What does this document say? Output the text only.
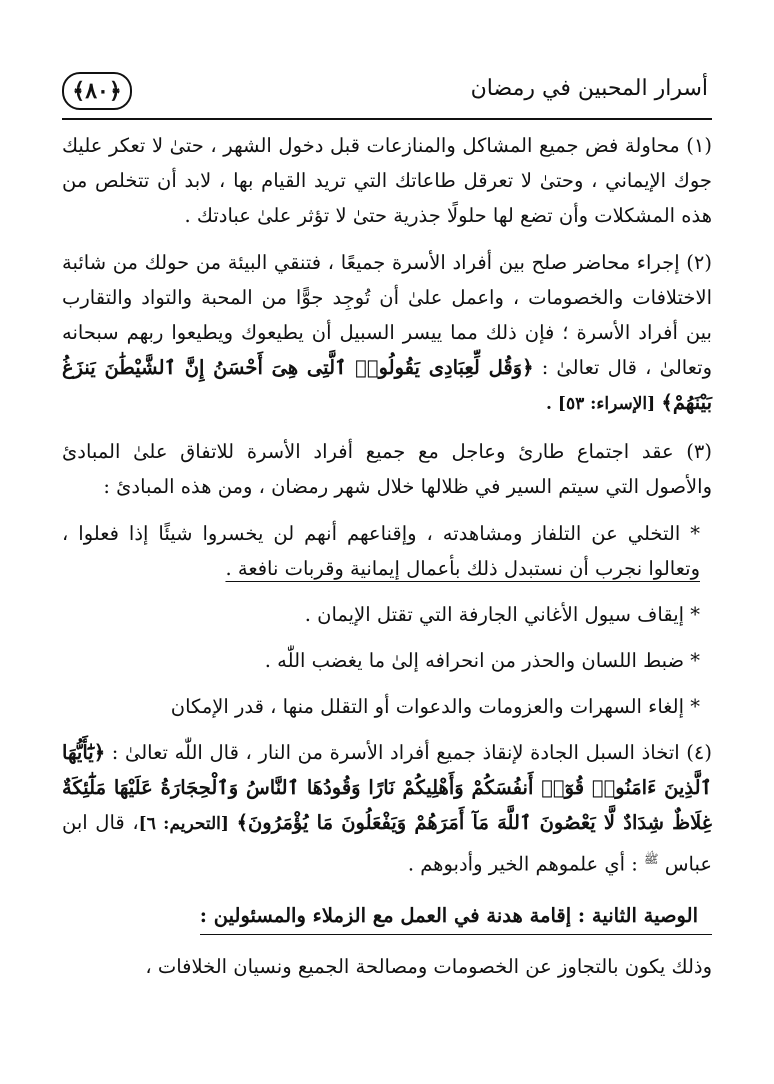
﴿٨٠﴾	أسرار المحبين في رمضان

(١) محاولة فض جميع المشاكل والمنازعات قبل دخول الشهر ، حتىٰ لا تعكر عليك جوك الإيماني ، وحتىٰ لا تعرقل طاعاتك التي تريد القيام بها ، لابد أن تتخلص من هذه المشكلات وأن تضع لها حلولًا جذرية حتىٰ لا تؤثر علىٰ عبادتك .

(٢) إجراء محاضر صلح بين أفراد الأسرة جميعًا ، فتنقي البيئة من حولك من شائبة الاختلافات والخصومات ، واعمل علىٰ أن تُوجِد جوًّا من المحبة والتواد والتقارب بين أفراد الأسرة ؛ فإن ذلك مما ييسر السبيل أن يطيعوك ويطيعوا ربهم سبحانه وتعالىٰ ، قال تعالىٰ : ﴿وَقُل لِّعِبَادِى يَقُولُوا۟ ٱلَّتِى هِىَ أَحْسَنُ إِنَّ ٱلشَّيْطَٰنَ يَنزَغُ بَيْنَهُمْ﴾ [الإسراء: ٥٣] .

(٣) عقد اجتماع طارئ وعاجل مع جميع أفراد الأسرة للاتفاق علىٰ المبادئ والأصول التي سيتم السير في ظلالها خلال شهر رمضان ، ومن هذه المبادئ :

* التخلي عن التلفاز ومشاهدته ، وإقناعهم أنهم لن يخسروا شيئًا إذا فعلوا ، وتعالوا نجرب أن نستبدل ذلك بأعمال إيمانية وقربات نافعة .

* إيقاف سيول الأغاني الجارفة التي تقتل الإيمان .

* ضبط اللسان والحذر من انحرافه إلىٰ ما يغضب اللّٰه .

* إلغاء السهرات والعزومات والدعوات أو التقلل منها ، قدر الإمكان

(٤) اتخاذ السبل الجادة لإنقاذ جميع أفراد الأسرة من النار ، قال اللّٰه تعالىٰ : ﴿يَٰٓأَيُّهَا ٱلَّذِينَ ءَامَنُوا۟ قُوٓا۟ أَنفُسَكُمْ وَأَهْلِيكُمْ نَارًا وَقُودُهَا ٱلنَّاسُ وَٱلْحِجَارَةُ عَلَيْهَا مَلَٰٓئِكَةٌ غِلَاظٌ شِدَادٌ لَّا يَعْصُونَ ٱللَّهَ مَآ أَمَرَهُمْ وَيَفْعَلُونَ مَا يُؤْمَرُونَ﴾ [التحريم: ٦]، قال ابن عباس $^ﷺ$ : أي علموهم الخير وأدبوهم .

الوصية الثانية : إقامة هدنة في العمل مع الزملاء والمسئولين :

وذلك يكون بالتجاوز عن الخصومات ومصالحة الجميع ونسيان الخلافات ،
